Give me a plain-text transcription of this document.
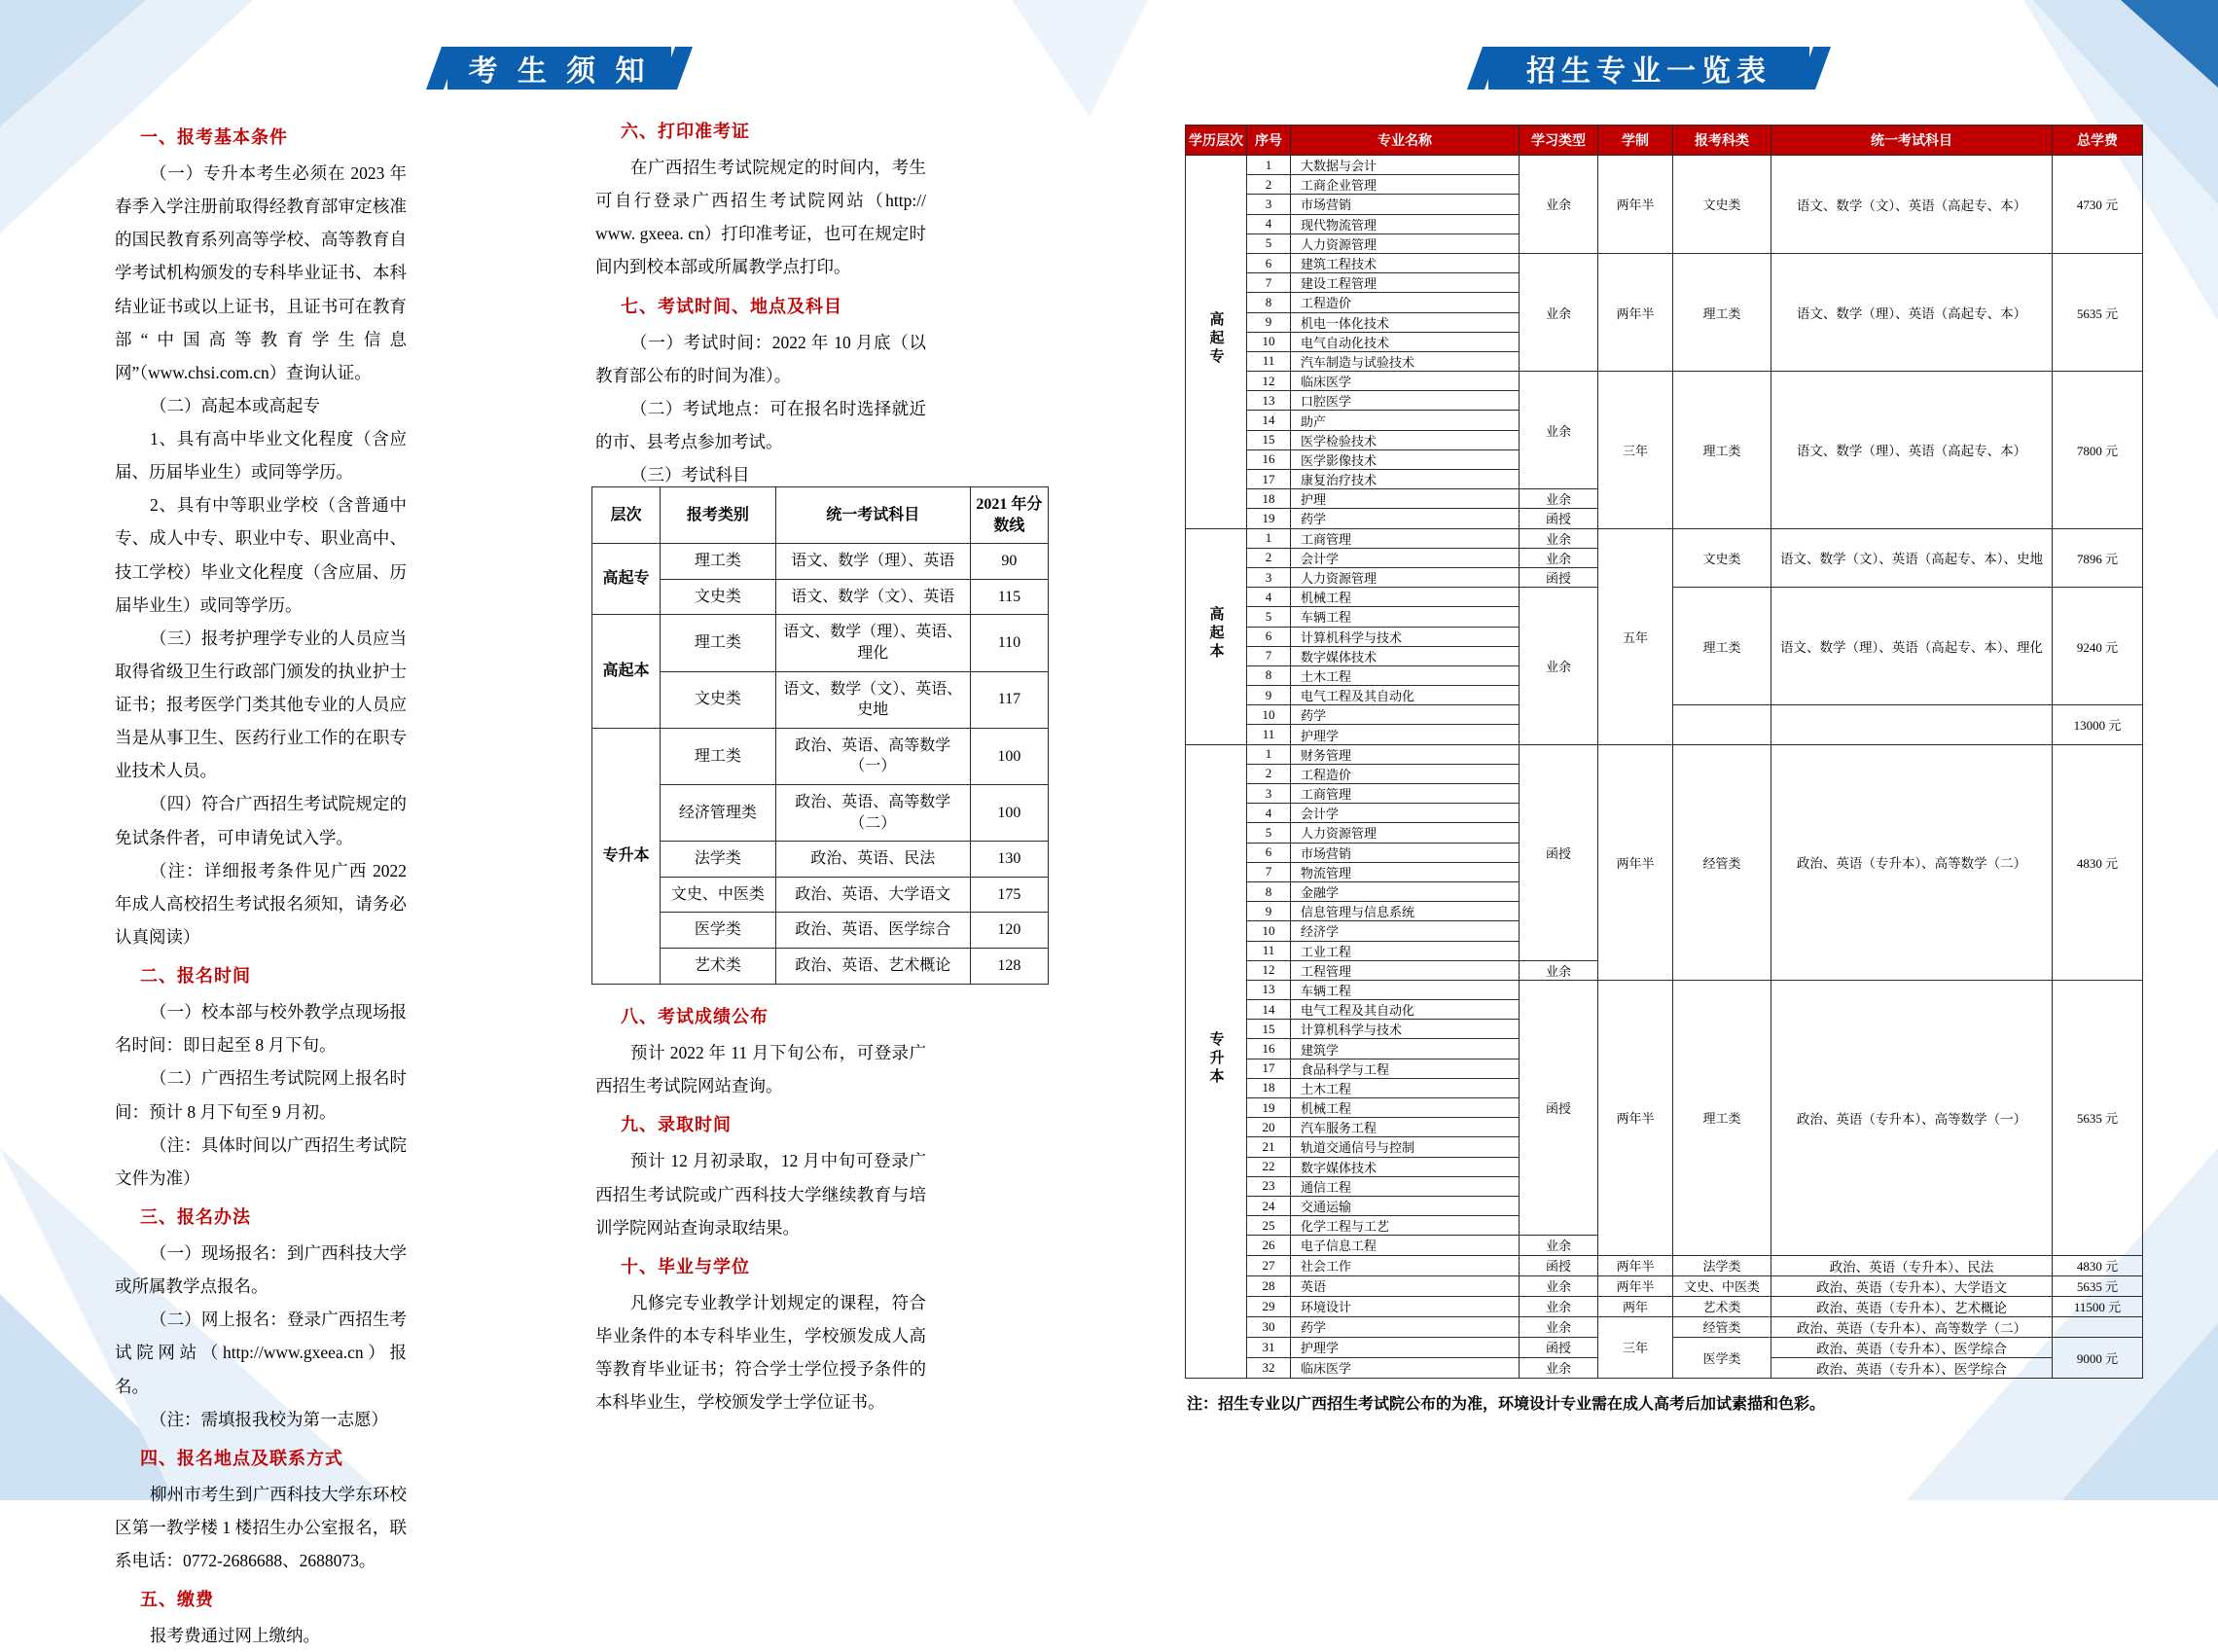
考 生 须 知	招生专业一览表
一、报考基本条件
（一）专升本考生必须在 2023 年春季入学注册前取得经教育部审定核准的国民教育系列高等学校、高等教育自学考试机构颁发的专科毕业证书、本科结业证书或以上证书，且证书可在教育部“中国高等教育学生信息网”（www.chsi.com.cn）查询认证。
（二）高起本或高起专
1、具有高中毕业文化程度（含应届、历届毕业生）或同等学历。
2、具有中等职业学校（含普通中专、成人中专、职业中专、职业高中、技工学校）毕业文化程度（含应届、历届毕业生）或同等学历。
（三）报考护理学专业的人员应当取得省级卫生行政部门颁发的执业护士证书；报考医学门类其他专业的人员应当是从事卫生、医药行业工作的在职专业技术人员。
（四）符合广西招生考试院规定的免试条件者，可申请免试入学。
（注：详细报考条件见广西 2022 年成人高校招生考试报名须知，请务必认真阅读）
二、报名时间
（一）校本部与校外教学点现场报名时间：即日起至 8 月下旬。
（二）广西招生考试院网上报名时间：预计 8 月下旬至 9 月初。
（注：具体时间以广西招生考试院文件为准）
三、报名办法
（一）现场报名：到广西科技大学或所属教学点报名。
（二）网上报名：登录广西招生考试院网站（http://www.gxeea.cn）报名。
（注：需填报我校为第一志愿）
四、报名地点及联系方式
柳州市考生到广西科技大学东环校区第一教学楼 1 楼招生办公室报名，联系电话：0772-2686688、2688073。
五、缴费
报考费通过网上缴纳。
六、打印准考证
在广西招生考试院规定的时间内，考生可自行登录广西招生考试院网站（http:// www. gxeea. cn）打印准考证，也可在规定时间内到校本部或所属教学点打印。
七、考试时间、地点及科目
（一）考试时间：2022 年 10 月底（以教育部公布的时间为准）。
（二）考试地点：可在报名时选择就近的市、县考点参加考试。
（三）考试科目
层次	报考类别	统一考试科目	2021 年分数线
高起专	理工类	语文、数学（理）、英语	90
	文史类	语文、数学（文）、英语	115
高起本	理工类	语文、数学（理）、英语、理化	110
	文史类	语文、数学（文）、英语、史地	117
专升本	理工类	政治、英语、高等数学（一）	100
	经济管理类	政治、英语、高等数学（二）	100
	法学类	政治、英语、民法	130
	文史、中医类	政治、英语、大学语文	175
	医学类	政治、英语、医学综合	120
	艺术类	政治、英语、艺术概论	128
八、考试成绩公布
预计 2022 年 11 月下旬公布，可登录广西招生考试院网站查询。
九、录取时间
预计 12 月初录取，12 月中旬可登录广西招生考试院或广西科技大学继续教育与培训学院网站查询录取结果。
十、毕业与学位
凡修完专业教学计划规定的课程，符合毕业条件的本专科毕业生，学校颁发成人高等教育毕业证书；符合学士学位授予条件的本科毕业生，学校颁发学士学位证书。
学历层次	序号	专业名称	学习类型	学制	报考科类	统一考试科目	总学费
高起专	1	大数据与会计	业余	两年半	文史类	语文、数学（文）、英语（高起专、本）	4730 元
	2	工商企业管理					
	3	市场营销					
	4	现代物流管理					
	5	人力资源管理					
	6	建筑工程技术	业余	两年半	理工类	语文、数学（理）、英语（高起专、本）	5635 元
	7	建设工程管理					
	8	工程造价					
	9	机电一体化技术					
	10	电气自动化技术					
	11	汽车制造与试验技术					
	12	临床医学	业余	三年	理工类	语文、数学（理）、英语（高起专、本）	7800 元
	13	口腔医学					
	14	助产					
	15	医学检验技术					
	16	医学影像技术					
	17	康复治疗技术					
	18	护理	业余				
	19	药学	函授				
高起本	1	工商管理	业余	五年	文史类	语文、数学（文）、英语（高起专、本）、史地	7896 元
	2	会计学	业余				
	3	人力资源管理	函授				
	4	机械工程	业余		理工类	语文、数学（理）、英语（高起专、本）、理化	9240 元
	5	车辆工程					
	6	计算机科学与技术					
	7	数字媒体技术					
	8	土木工程					
	9	电气工程及其自动化					
	10	药学					13000 元
	11	护理学					
专升本	1	财务管理	函授	两年半	经管类	政治、英语（专升本）、高等数学（二）	4830 元
	2	工程造价					
	3	工商管理					
	4	会计学					
	5	人力资源管理					
	6	市场营销					
	7	物流管理					
	8	金融学					
	9	信息管理与信息系统					
	10	经济学					
	11	工业工程					
	12	工程管理	业余				
	13	车辆工程	函授	两年半	理工类	政治、英语（专升本）、高等数学（一）	5635 元
	14	电气工程及其自动化					
	15	计算机科学与技术					
	16	建筑学					
	17	食品科学与工程					
	18	土木工程					
	19	机械工程					
	20	汽车服务工程					
	21	轨道交通信号与控制					
	22	数字媒体技术					
	23	通信工程					
	24	交通运输					
	25	化学工程与工艺					
	26	电子信息工程	业余				
	27	社会工作	函授	两年半	法学类	政治、英语（专升本）、民法	4830 元
	28	英语	业余	两年半	文史、中医类	政治、英语（专升本）、大学语文	5635 元
	29	环境设计	业余	两年	艺术类	政治、英语（专升本）、艺术概论	11500 元
	30	药学	业余	三年	经管类	政治、英语（专升本）、高等数学（二）	
	31	护理学	函授		医学类	政治、英语（专升本）、医学综合	9000 元
	32	临床医学	业余			政治、英语（专升本）、医学综合	
注：招生专业以广西招生考试院公布的为准，环境设计专业需在成人高考后加试素描和色彩。
